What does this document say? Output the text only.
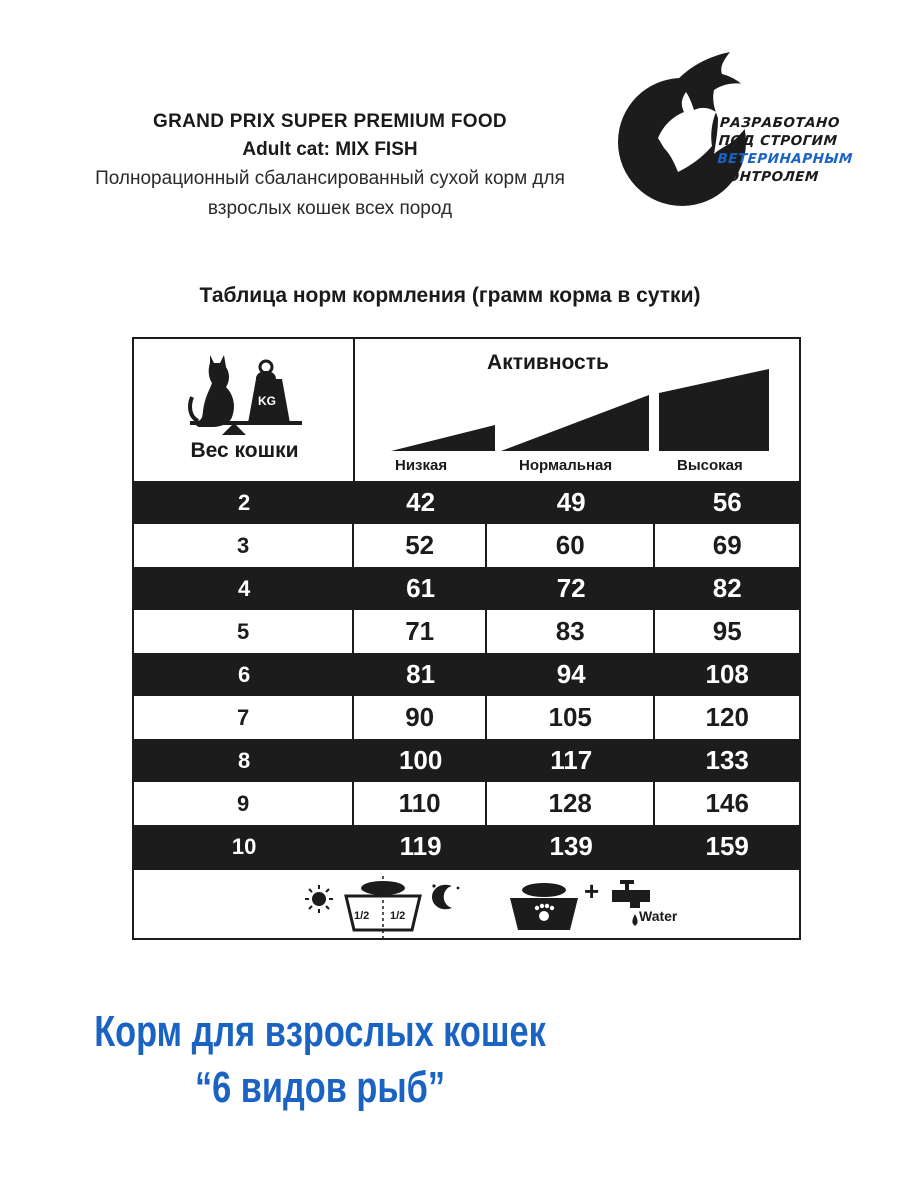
GRAND PRIX SUPER PREMIUM FOOD
Adult cat: MIX FISH
Полнорационный сбалансированный сухой корм для
взрослых кошек всех пород
РАЗРАБОТАНО
ПОД СТРОГИМ
ВЕТЕРИНАРНЫМ
КОНТРОЛЕМ
Таблица норм кормления (грамм корма в сутки)
KG
Вес кошки
Активность
Низкая	Нормальная	Высокая
2	42	49	56
3	52	60	69
4	61	72	82
5	71	83	95
6	81	94	108
7	90	105	120
8	100	117	133
9	110	128	146
10	119	139	159
1/2 1/2
+
Water
Корм для взрослых кошек
“6 видов рыб”
